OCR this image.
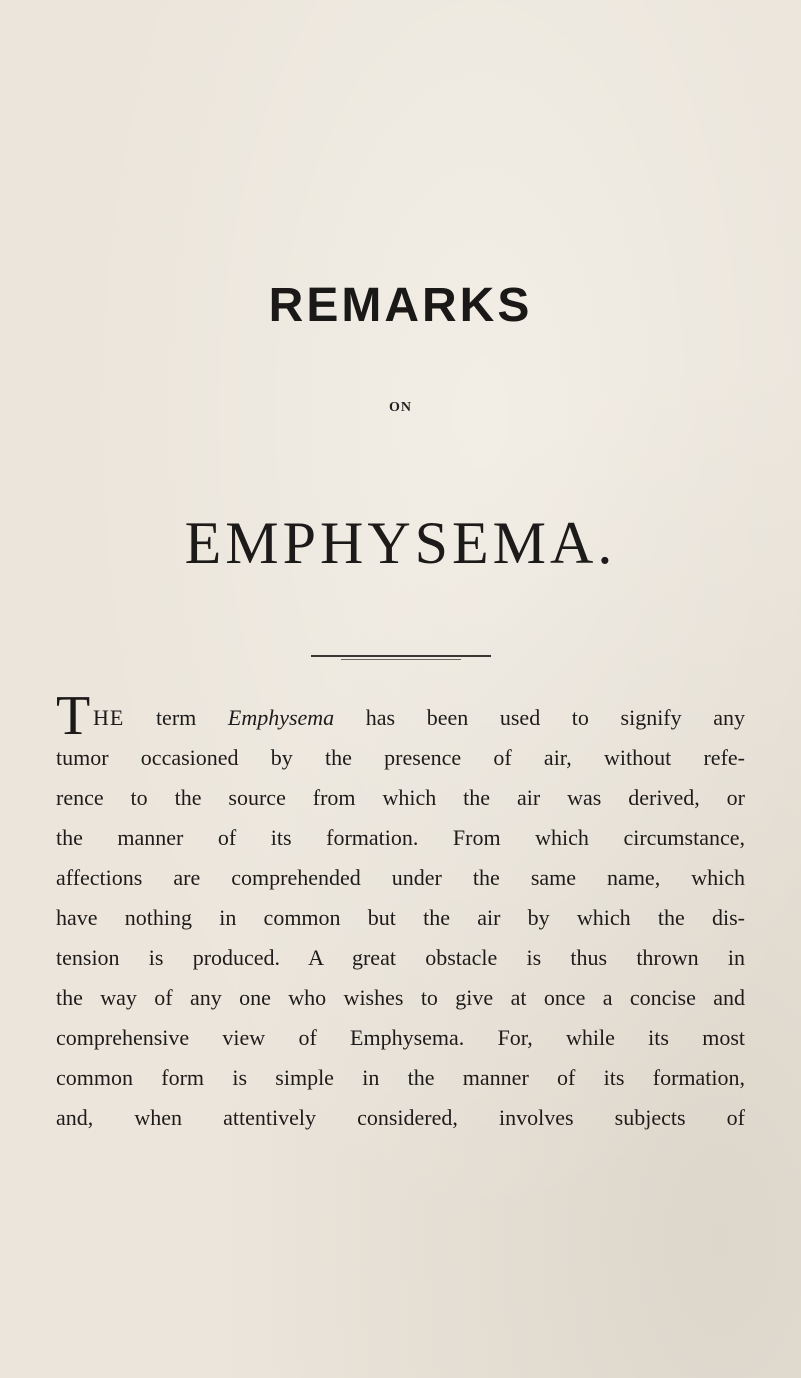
REMARKS
ON
EMPHYSEMA.
T HE term Emphysema has been used to signify any
tumor occasioned by the presence of air, without refe-
rence to the source from which the air was derived, or
the manner of its formation. From which circumstance,
affections are comprehended under the same name, which
have nothing in common but the air by which the dis-
tension is produced. A great obstacle is thus thrown in
the way of any one who wishes to give at once a concise and
comprehensive view of Emphysema. For, while its most
common form is simple in the manner of its formation,
and, when attentively considered, involves subjects of
